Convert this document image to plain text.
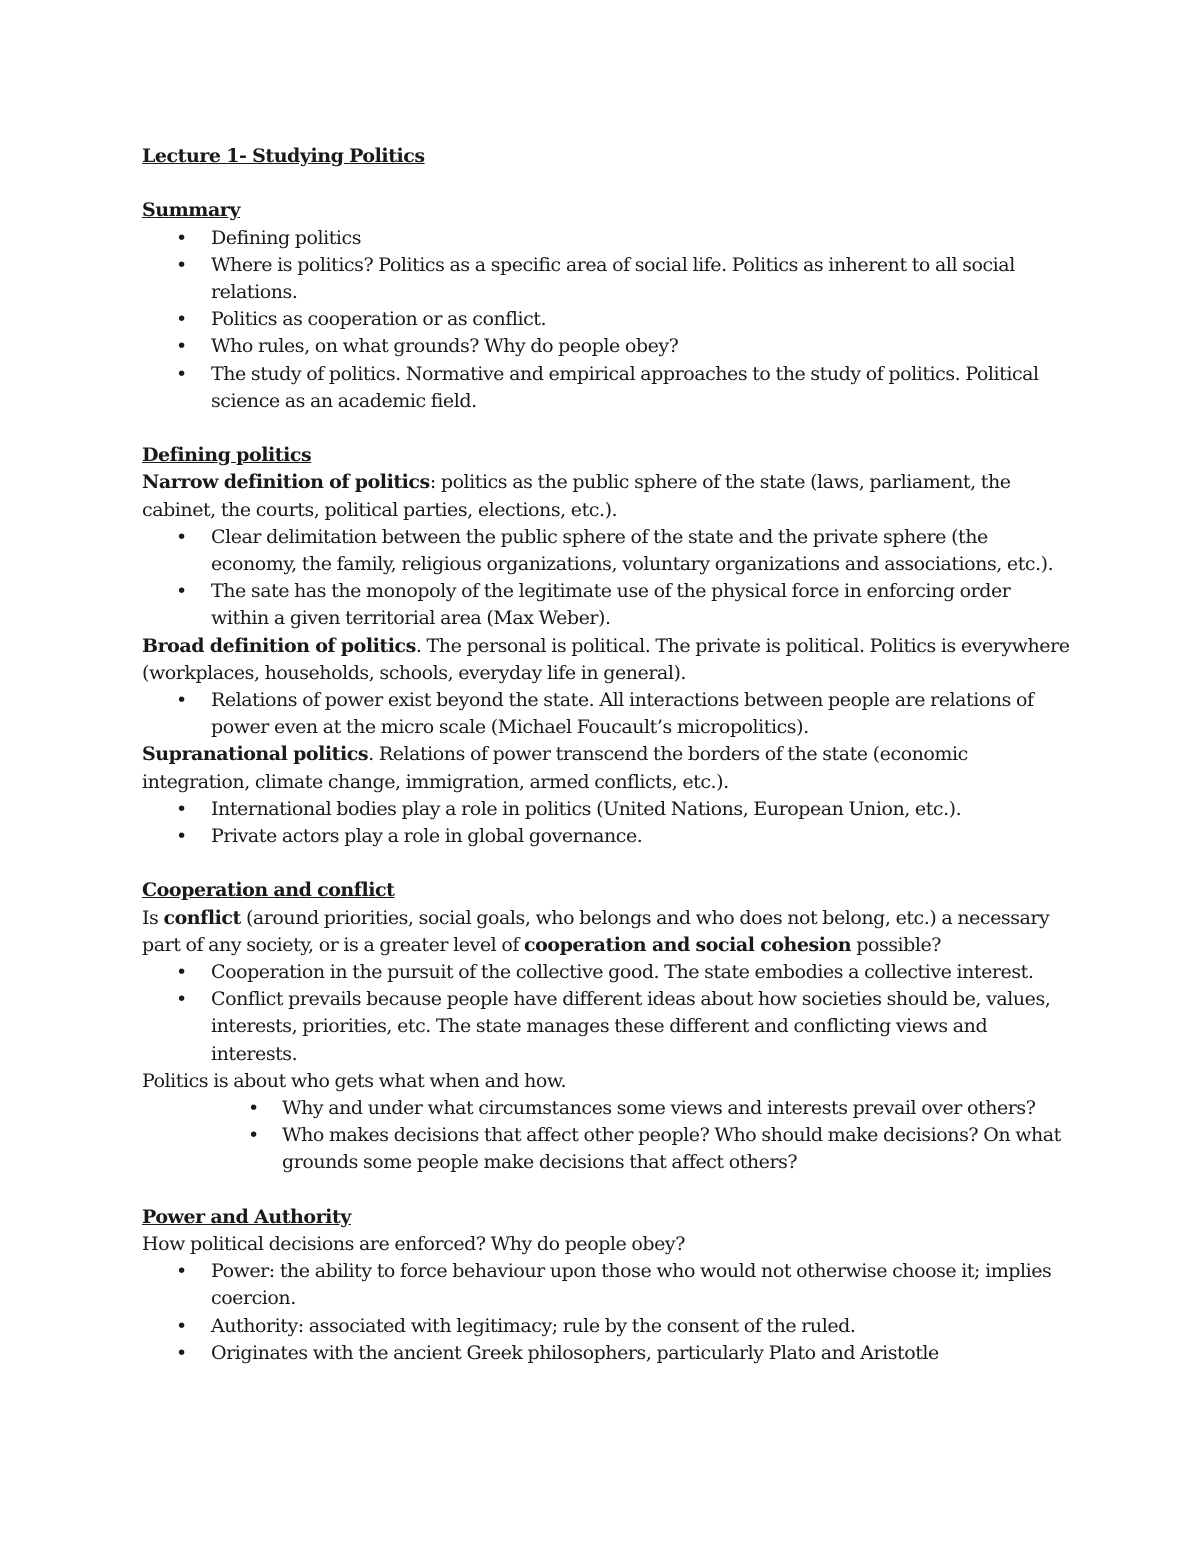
Lecture 1- Studying Politics

Summary

• Defining politics
• Where is politics? Politics as a specific area of social life. Politics as inherent to all social relations.
• Politics as cooperation or as conflict.
• Who rules, on what grounds? Why do people obey?
• The study of politics. Normative and empirical approaches to the study of politics. Political science as an academic field.

Defining politics

Narrow definition of politics: politics as the public sphere of the state (laws, parliament, the cabinet, the courts, political parties, elections, etc.).

• Clear delimitation between the public sphere of the state and the private sphere (the economy, the family, religious organizations, voluntary organizations and associations, etc.).
• The sate has the monopoly of the legitimate use of the physical force in enforcing order within a given territorial area (Max Weber).

Broad definition of politics. The personal is political. The private is political. Politics is everywhere (workplaces, households, schools, everyday life in general).

• Relations of power exist beyond the state. All interactions between people are relations of power even at the micro scale (Michael Foucault’s micropolitics).

Supranational politics. Relations of power transcend the borders of the state (economic integration, climate change, immigration, armed conflicts, etc.).

• International bodies play a role in politics (United Nations, European Union, etc.).
• Private actors play a role in global governance.

Cooperation and conflict

Is conflict (around priorities, social goals, who belongs and who does not belong, etc.) a necessary part of any society, or is a greater level of cooperation and social cohesion possible?

• Cooperation in the pursuit of the collective good. The state embodies a collective interest.
• Conflict prevails because people have different ideas about how societies should be, values, interests, priorities, etc. The state manages these different and conflicting views and interests.

Politics is about who gets what when and how.

• Why and under what circumstances some views and interests prevail over others?
• Who makes decisions that affect other people? Who should make decisions? On what grounds some people make decisions that affect others?

Power and Authority

How political decisions are enforced? Why do people obey?

• Power: the ability to force behaviour upon those who would not otherwise choose it; implies coercion.
• Authority: associated with legitimacy; rule by the consent of the ruled.
• Originates with the ancient Greek philosophers, particularly Plato and Aristotle
